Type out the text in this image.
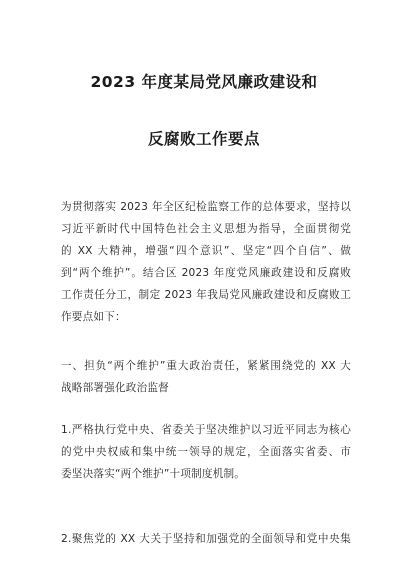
2023 年度某局党风廉政建设和
反腐败工作要点
为贯彻落实 2023 年全区纪检监察工作的总体要求，坚持以
习近平新时代中国特色社会主义思想为指导，全面贯彻党
的 XX 大精神，增强“四个意识”、坚定“四个自信”、做
到“两个维护”。结合区 2023 年度党风廉政建设和反腐败
工作责任分工，制定 2023 年我局党风廉政建设和反腐败工
作要点如下：
一、担负“两个维护”重大政治责任，紧紧围绕党的 XX 大
战略部署强化政治监督
1.严格执行党中央、省委关于坚决维护以习近平同志为核心
的党中央权威和集中统一领导的规定，全面落实省委、市
委坚决落实“两个维护”十项制度机制。
2.聚焦党的 XX 大关于坚持和加强党的全面领导和党中央集
